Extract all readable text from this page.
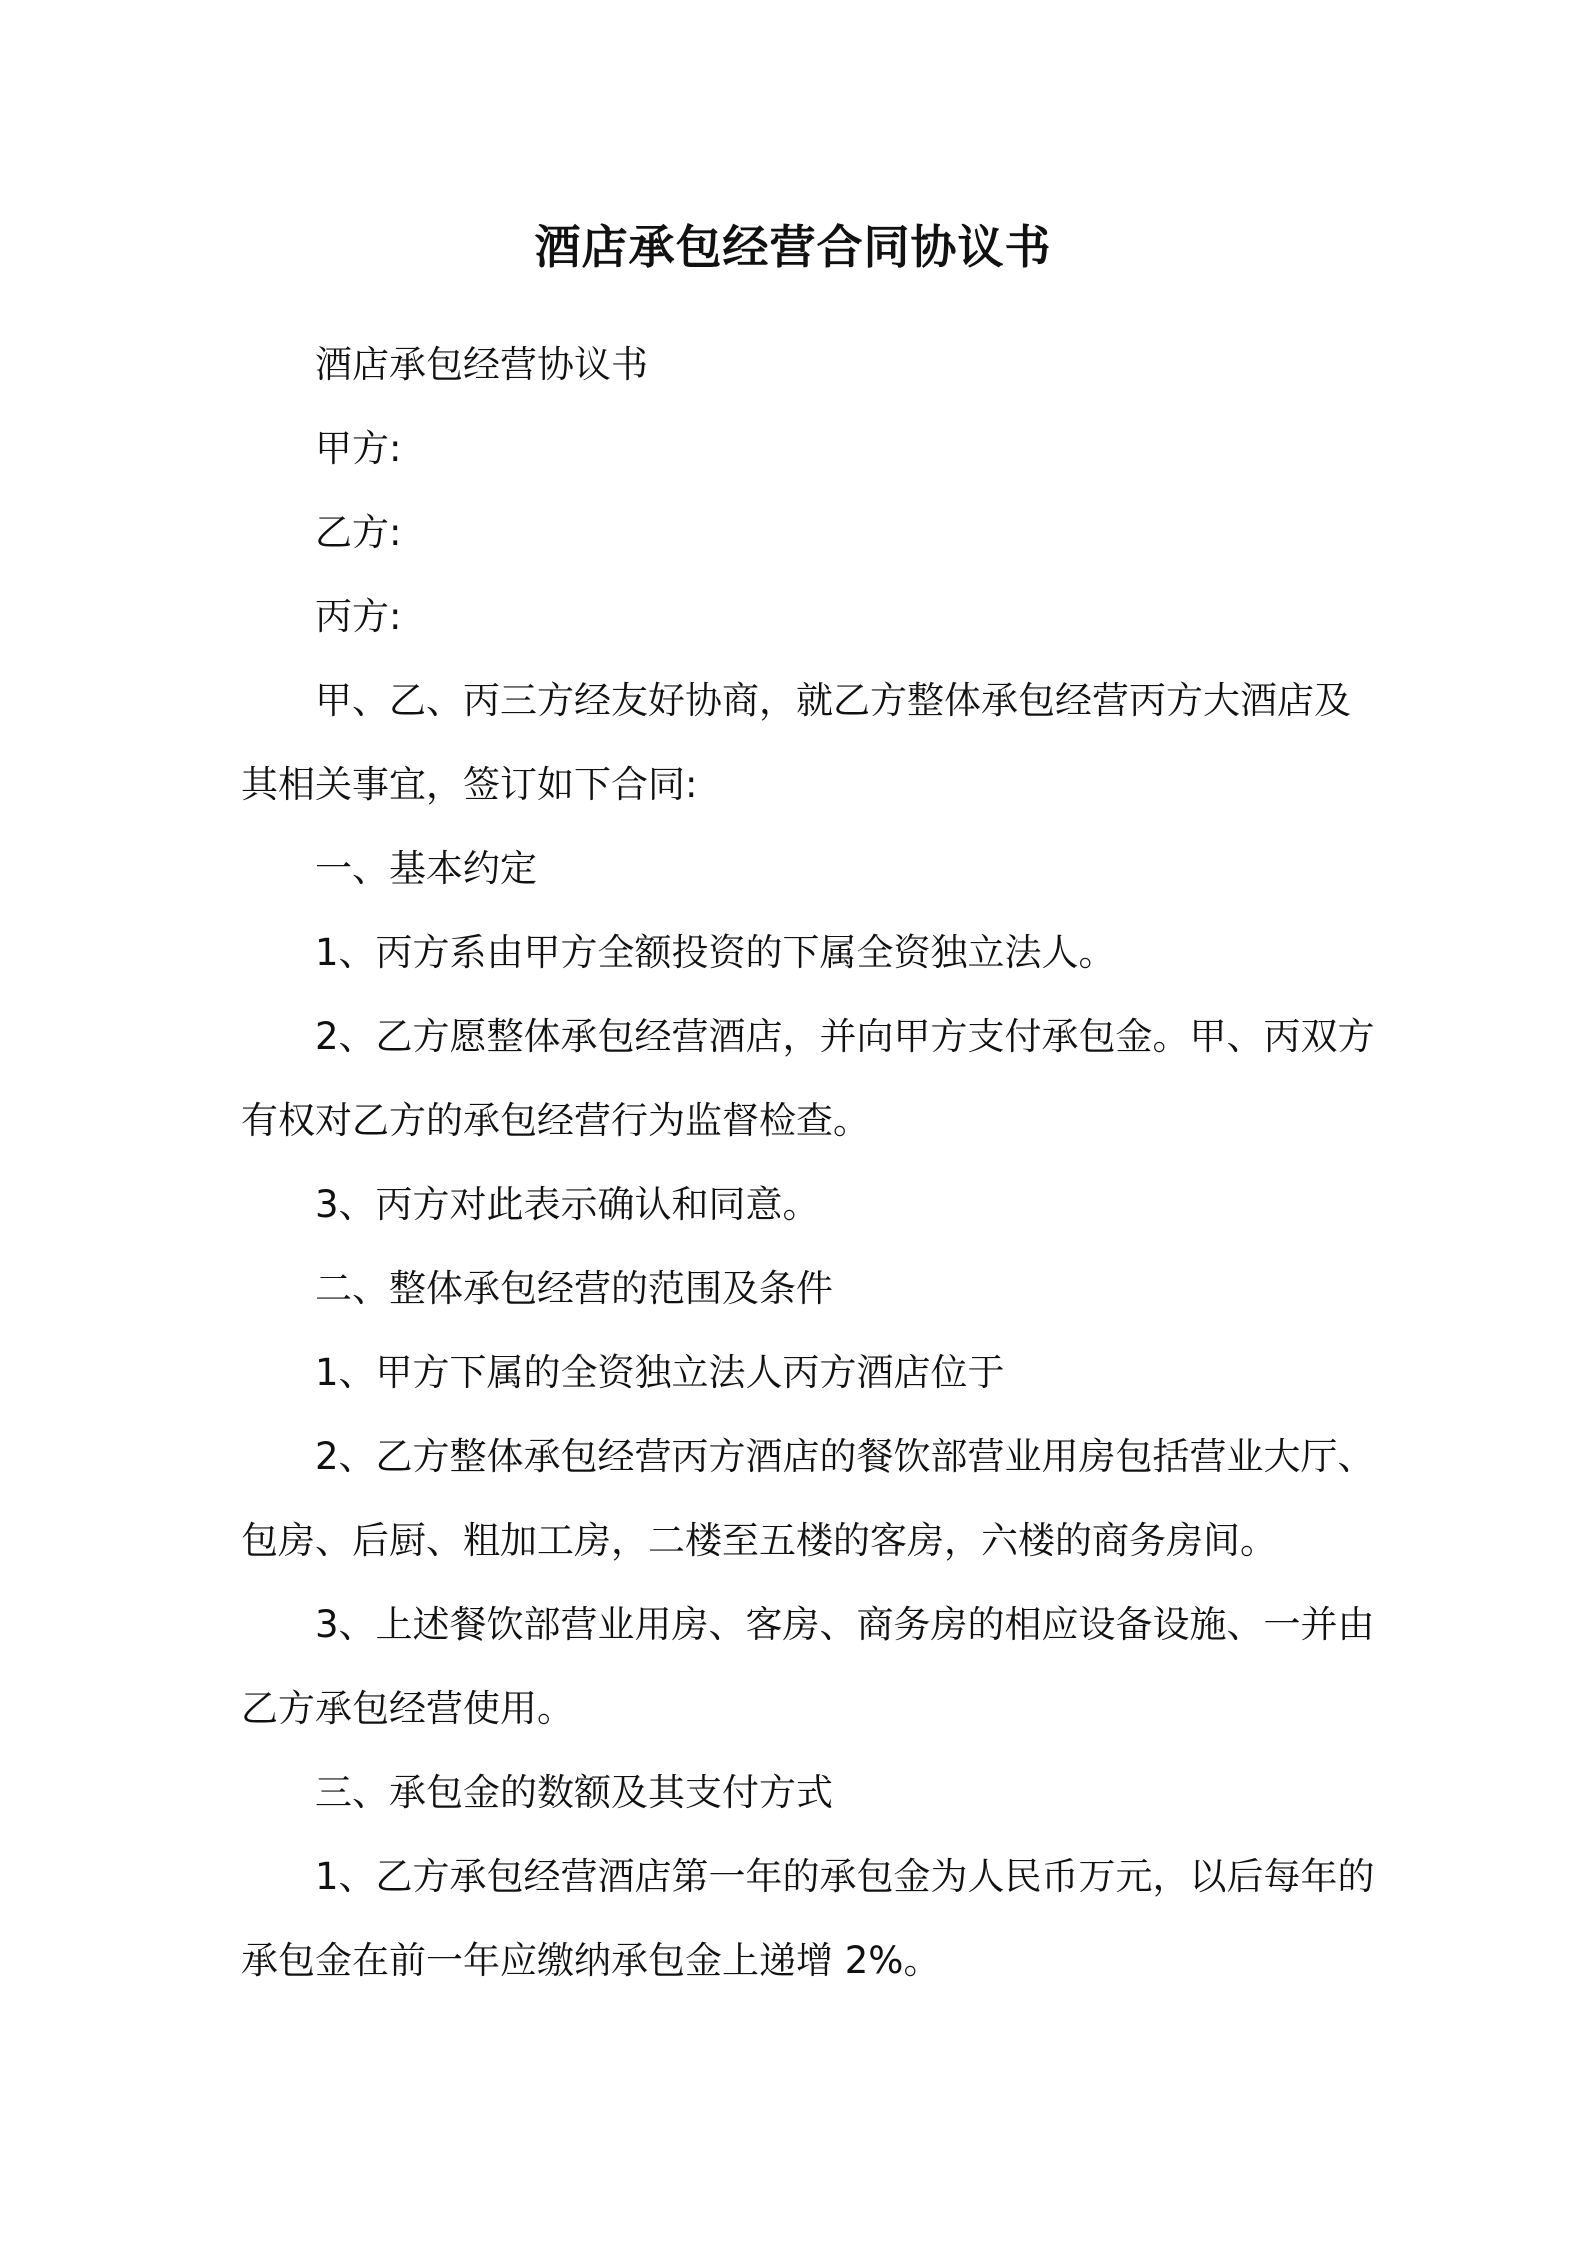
酒店承包经营合同协议书

酒店承包经营协议书

甲方:

乙方:

丙方:

甲、乙、丙三方经友好协商，就乙方整体承包经营丙方大酒店及其相关事宜，签订如下合同:

一、基本约定

1、丙方系由甲方全额投资的下属全资独立法人。

2、乙方愿整体承包经营酒店，并向甲方支付承包金。甲、丙双方有权对乙方的承包经营行为监督检查。

3、丙方对此表示确认和同意。

二、整体承包经营的范围及条件

1、甲方下属的全资独立法人丙方酒店位于

2、乙方整体承包经营丙方酒店的餐饮部营业用房包括营业大厅、包房、后厨、粗加工房，二楼至五楼的客房，六楼的商务房间。

3、上述餐饮部营业用房、客房、商务房的相应设备设施、一并由乙方承包经营使用。

三、承包金的数额及其支付方式

1、乙方承包经营酒店第一年的承包金为人民币万元，以后每年的承包金在前一年应缴纳承包金上递增 2%。
